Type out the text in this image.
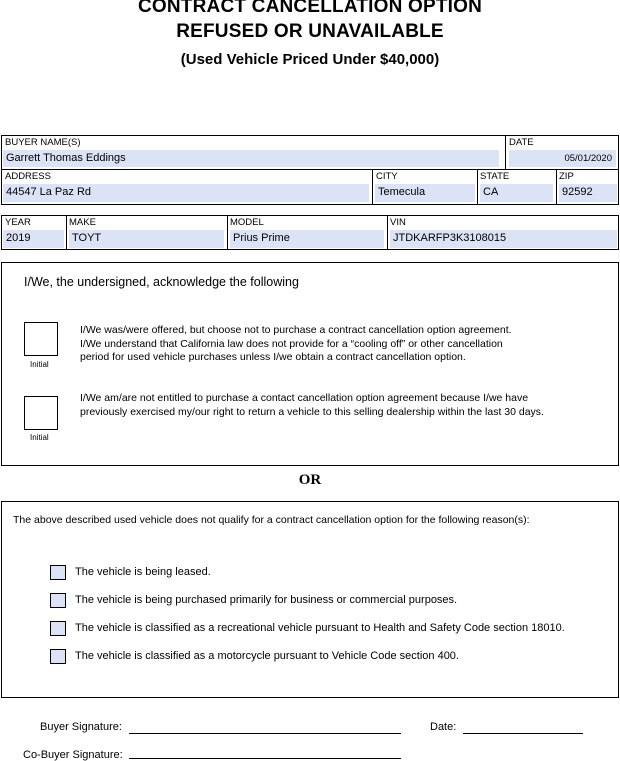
CONTRACT CANCELLATION OPTION
REFUSED OR UNAVAILABLE
(Used Vehicle Priced Under $40,000)
BUYER NAME(S)
Garrett Thomas Eddings
DATE
05/01/2020
ADDRESS
44547 La Paz Rd
CITY
Temecula
STATE
CA
ZIP
92592
YEAR
2019
MAKE
TOYT
MODEL
Prius Prime
VIN
JTDKARFP3K3108015
I/We, the undersigned, acknowledge the following
Initial
I/We was/were offered, but choose not to purchase a contract cancellation option agreement.
I/We understand that California law does not provide for a “cooling off” or other cancellation
period for used vehicle purchases unless I/we obtain a contract cancellation option.
Initial
I/We am/are not entitled to purchase a contact cancellation option agreement because I/we have
previously exercised my/our right to return a vehicle to this selling dealership within the last 30 days.
OR
The above described used vehicle does not qualify for a contract cancellation option for the following reason(s):
The vehicle is being leased.
The vehicle is being purchased primarily for business or commercial purposes.
The vehicle is classified as a recreational vehicle pursuant to Health and Safety Code section 18010.
The vehicle is classified as a motorcycle pursuant to Vehicle Code section 400.
Buyer Signature:	Date:
Co-Buyer Signature:
